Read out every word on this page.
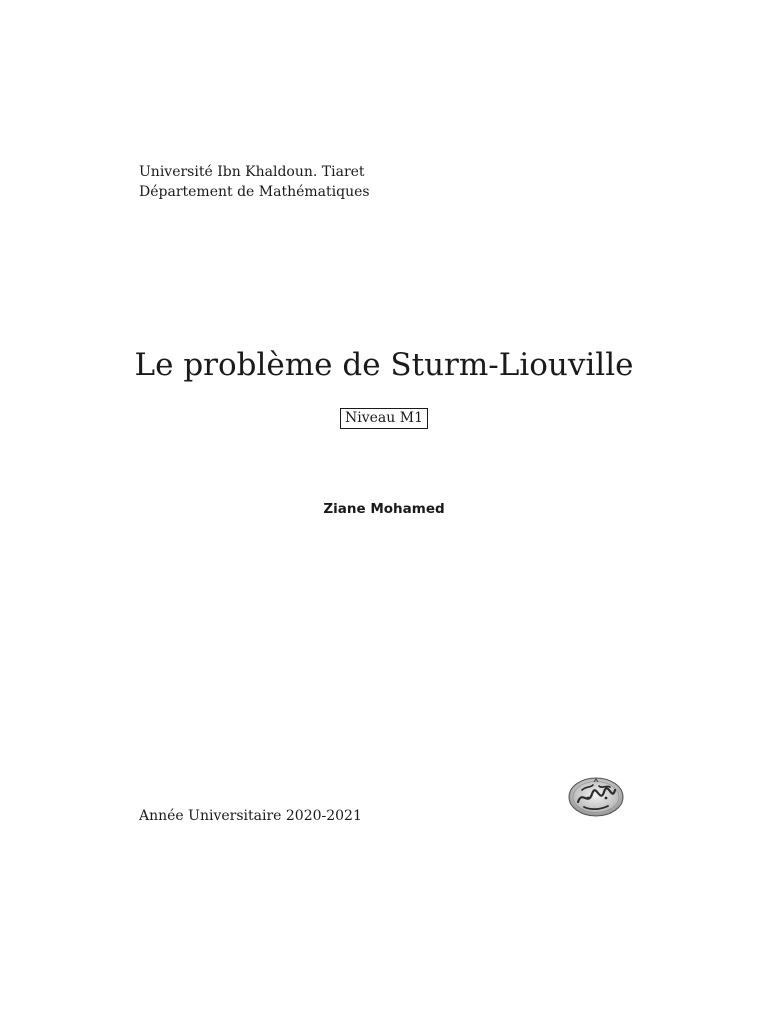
Université Ibn Khaldoun. Tiaret
Département de Mathématiques
Le problème de Sturm-Liouville
Niveau M1
Ziane Mohamed
Année Universitaire 2020-2021
